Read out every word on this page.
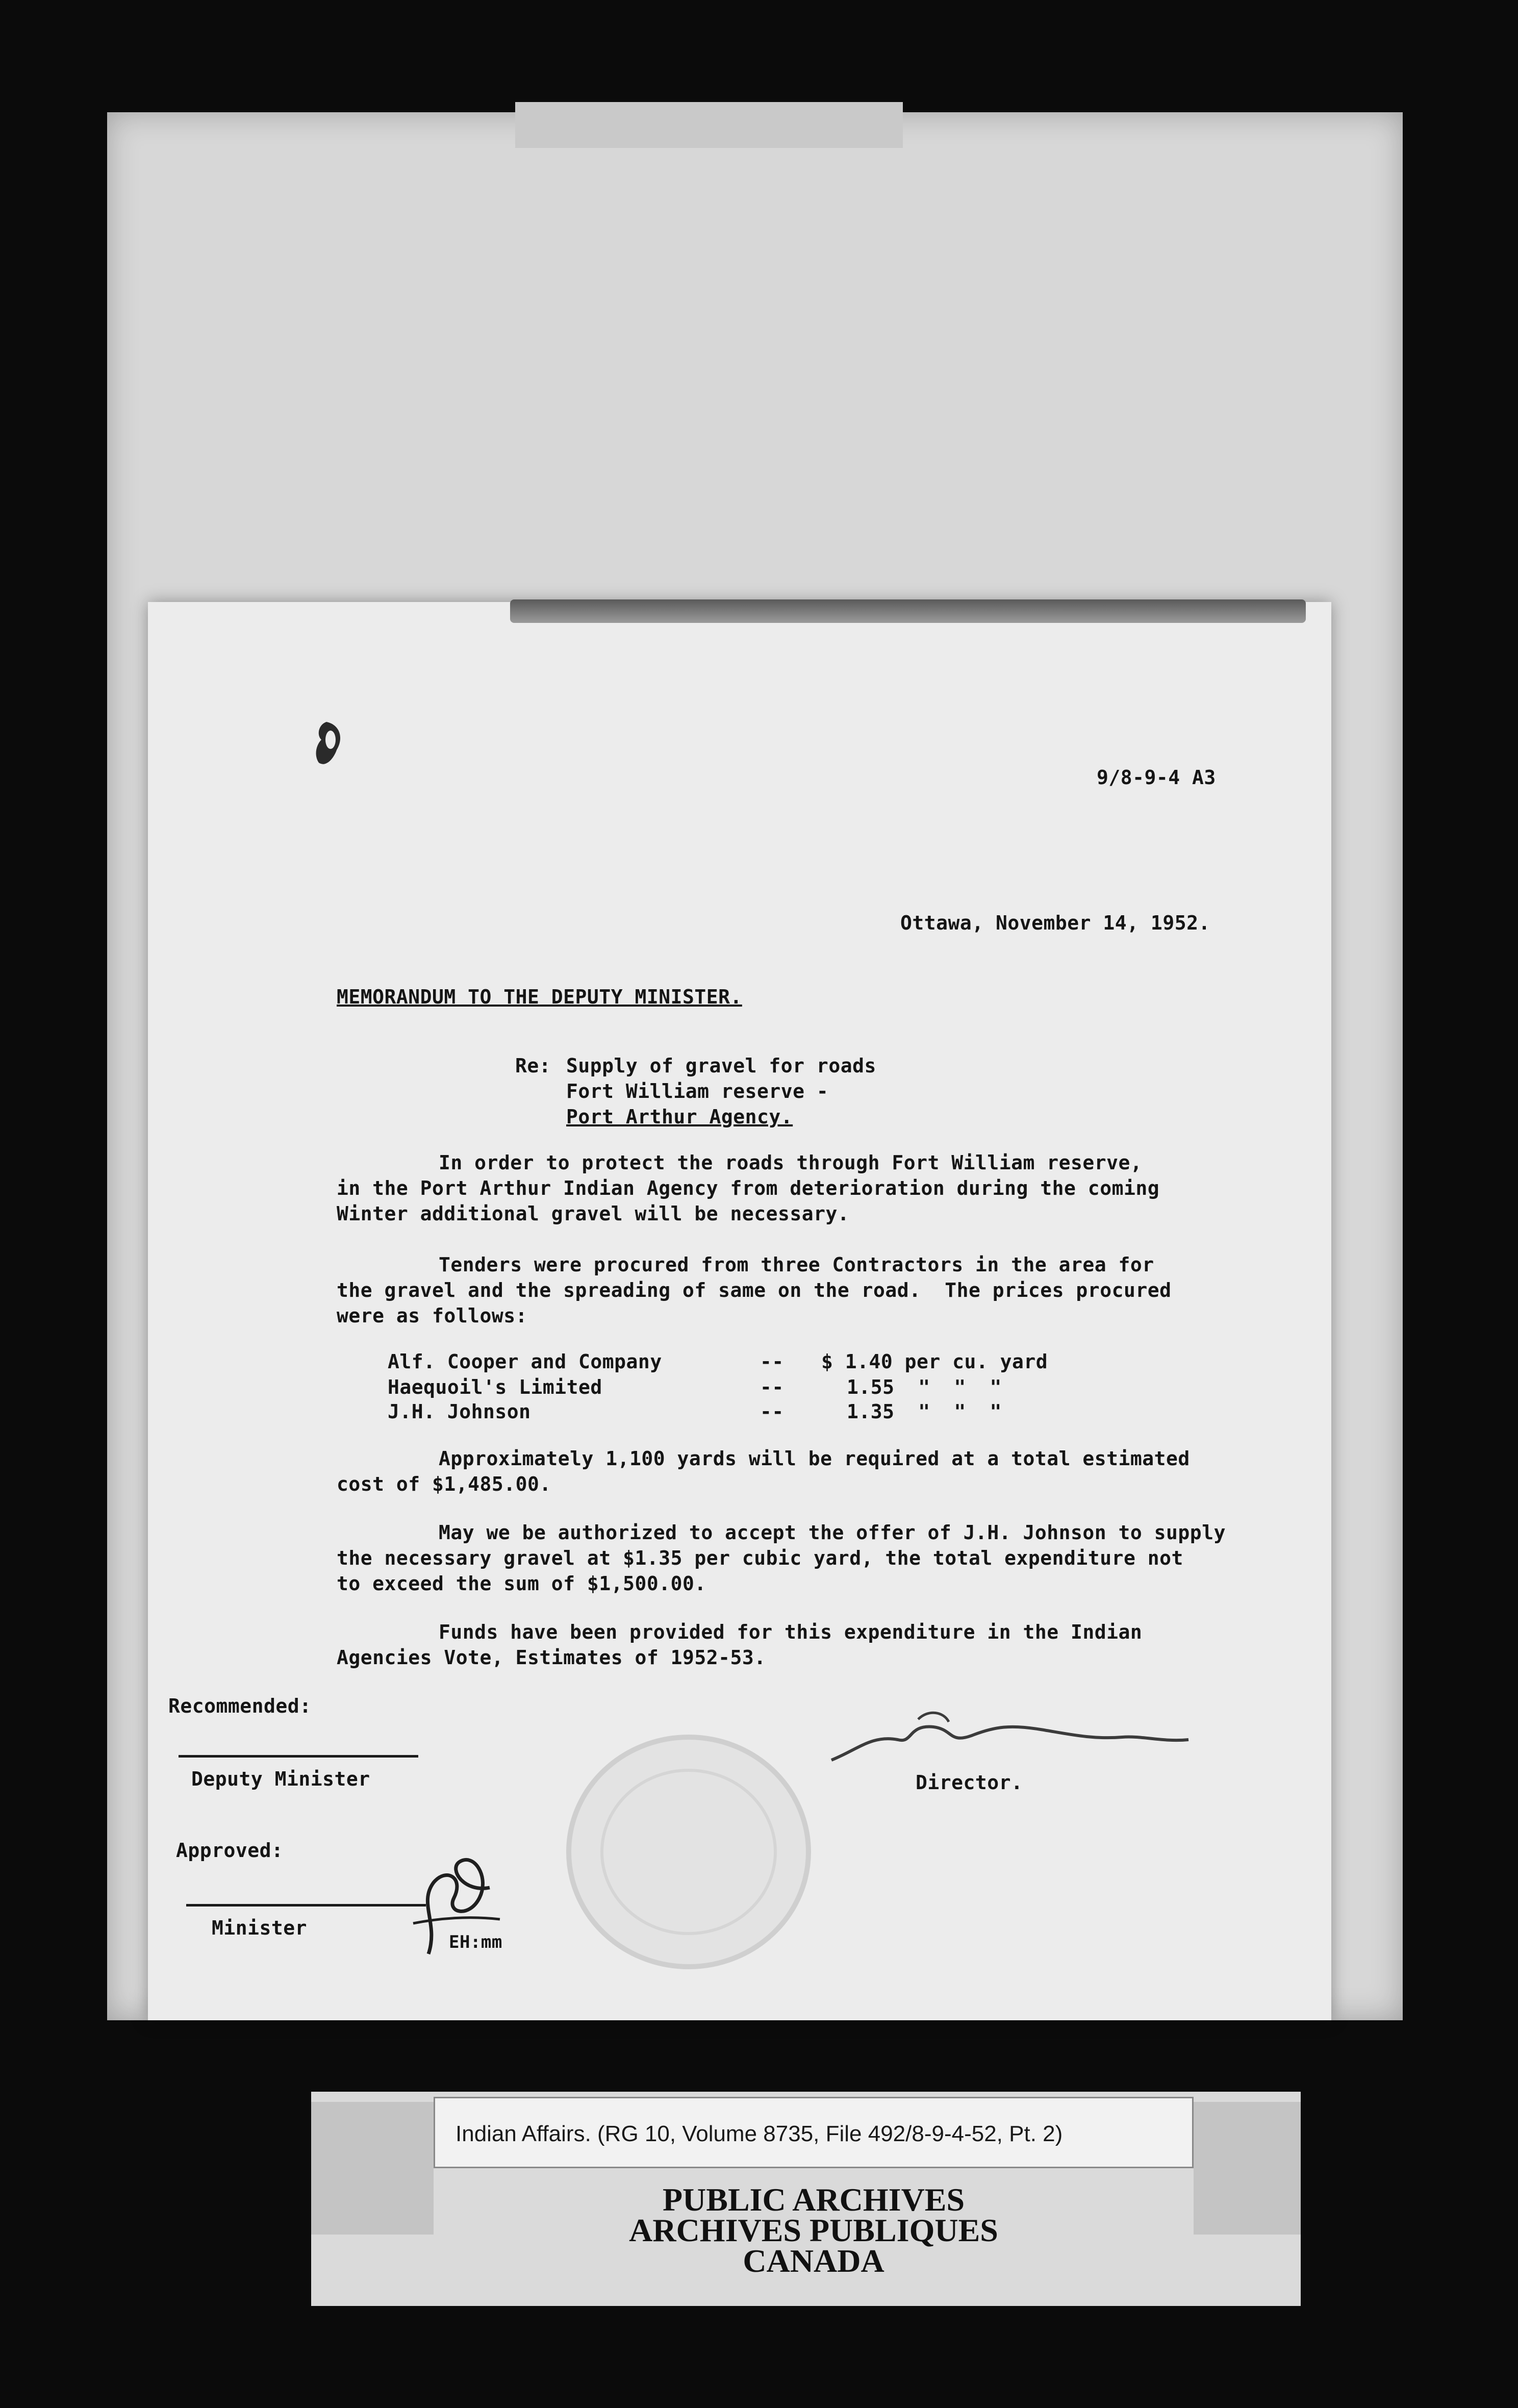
9/8-9-4 A3
Ottawa, November 14, 1952.
MEMORANDUM TO THE DEPUTY MINISTER.
Re: Supply of gravel for roads
Fort William reserve -
Port Arthur Agency.
In order to protect the roads through Fort William reserve,
in the Port Arthur Indian Agency from deterioration during the coming
Winter additional gravel will be necessary.
Tenders were procured from three Contractors in the area for
the gravel and the spreading of same on the road.  The prices procured
were as follows:
Alf. Cooper and Company	-- $ 1.40 per cu. yard
Haequoil's Limited	--	1.55  "  "  "
J.H. Johnson	--	1.35  "  "  "
Approximately 1,100 yards will be required at a total estimated
cost of $1,485.00.
May we be authorized to accept the offer of J.H. Johnson to supply
the necessary gravel at $1.35 per cubic yard, the total expenditure not
to exceed the sum of $1,500.00.
Funds have been provided for this expenditure in the Indian
Agencies Vote, Estimates of 1952-53.
Recommended:
Deputy Minister	Director.
Approved:
Minister
EH:mm
Indian Affairs. (RG 10, Volume 8735, File 492/8-9-4-52, Pt. 2)
PUBLIC ARCHIVES
ARCHIVES PUBLIQUES
CANADA
